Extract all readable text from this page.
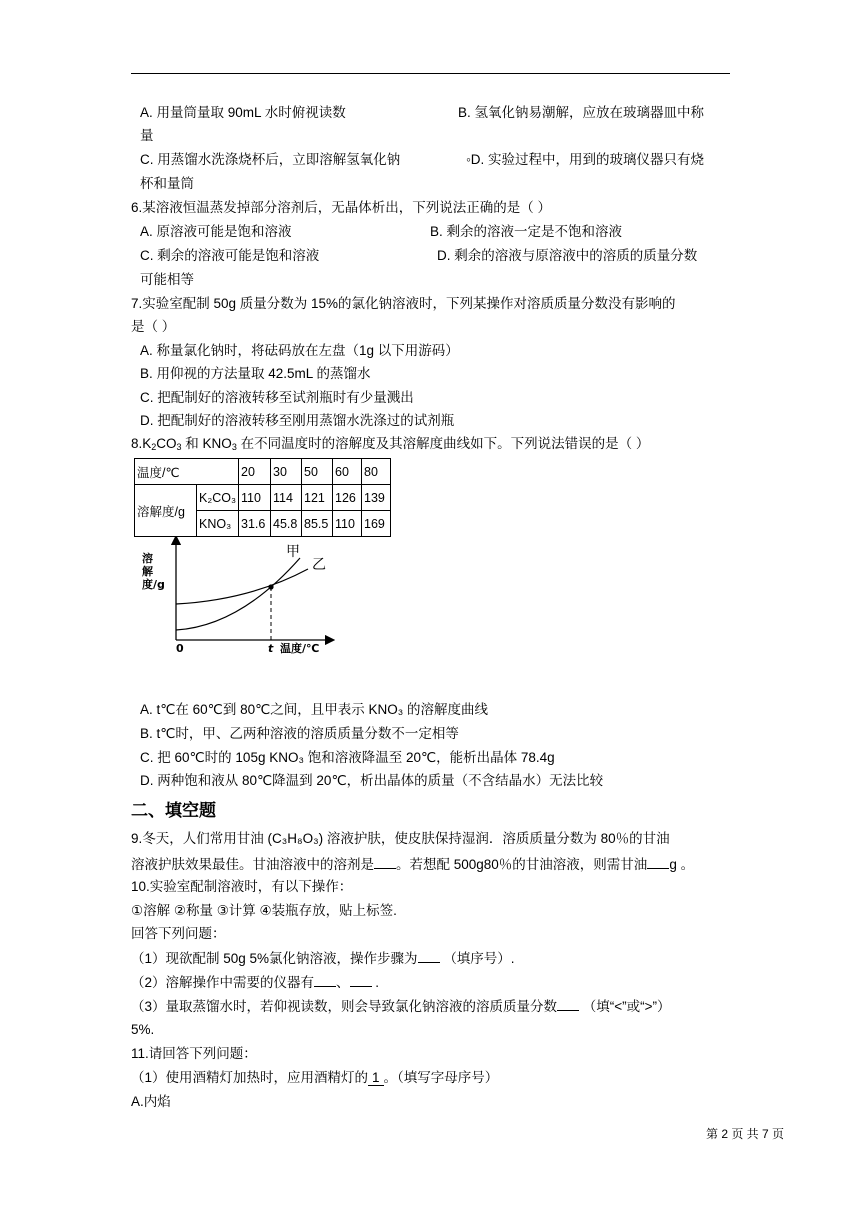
A. 用量筒量取 90mL 水时俯视读数	B. 氢氧化钠易潮解，应放在玻璃器皿中称
量
C. 用蒸馏水洗涤烧杯后，立即溶解氢氧化钠	◦D. 实验过程中，用到的玻璃仪器只有烧
杯和量筒
6.某溶液恒温蒸发掉部分溶剂后，无晶体析出，下列说法正确的是（ ）
A. 原溶液可能是饱和溶液	B. 剩余的溶液一定是不饱和溶液
C. 剩余的溶液可能是饱和溶液	D. 剩余的溶液与原溶液中的溶质的质量分数
可能相等
7.实验室配制 50g 质量分数为 15%的氯化钠溶液时，下列某操作对溶质质量分数没有影响的
是（ ）
A. 称量氯化钠时，将砝码放在左盘（1g 以下用游码）
B. 用仰视的方法量取 42.5mL 的蒸馏水
C. 把配制好的溶液转移至试剂瓶时有少量溅出
D. 把配制好的溶液转移至刚用蒸馏水洗涤过的试剂瓶
$8.K_2CO_3$ 和 $KNO_3$ 在不同温度时的溶解度及其溶解度曲线如下。下列说法错误的是（ ）
温度/℃		20	30	50	60	80
溶解度/g	K₂CO₃	110	114	121	126	139
	KNO₃	31.6	45.8	85.5	110	169
溶
解
度/g
甲
乙
0	t 温度/℃
A. t℃在 60℃到 80℃之间，且甲表示 KNO₃ 的溶解度曲线
B. t℃时，甲、乙两种溶液的溶质质量分数不一定相等
C. 把 60℃时的 105g KNO₃ 饱和溶液降温至 20℃，能析出晶体 78.4g
D. 两种饱和液从 80℃降温到 20℃，析出晶体的质量（不含结晶水）无法比较
二、填空题
9.冬天，人们常用甘油 (C₃H₈O₃) 溶液护肤，使皮肤保持湿润．溶质质量分数为 80％的甘油
溶液护肤效果最佳。甘油溶液中的溶剂是 。若想配 500g80％的甘油溶液，则需甘油 g 。
10.实验室配制溶液时，有以下操作：
①溶解 ②称量 ③计算 ④装瓶存放，贴上标签.
回答下列问题：
（1）现欲配制 50g 5%氯化钠溶液，操作步骤为 （填序号）.
（2）溶解操作中需要的仪器有 、 .
（3）量取蒸馏水时，若仰视读数，则会导致氯化钠溶液的溶质质量分数 （填“<”或“>”）
5%.
11.请回答下列问题：
（1）使用酒精灯加热时，应用酒精灯的 1 。（填写字母序号）
A.内焰
第 2 页 共 7 页
